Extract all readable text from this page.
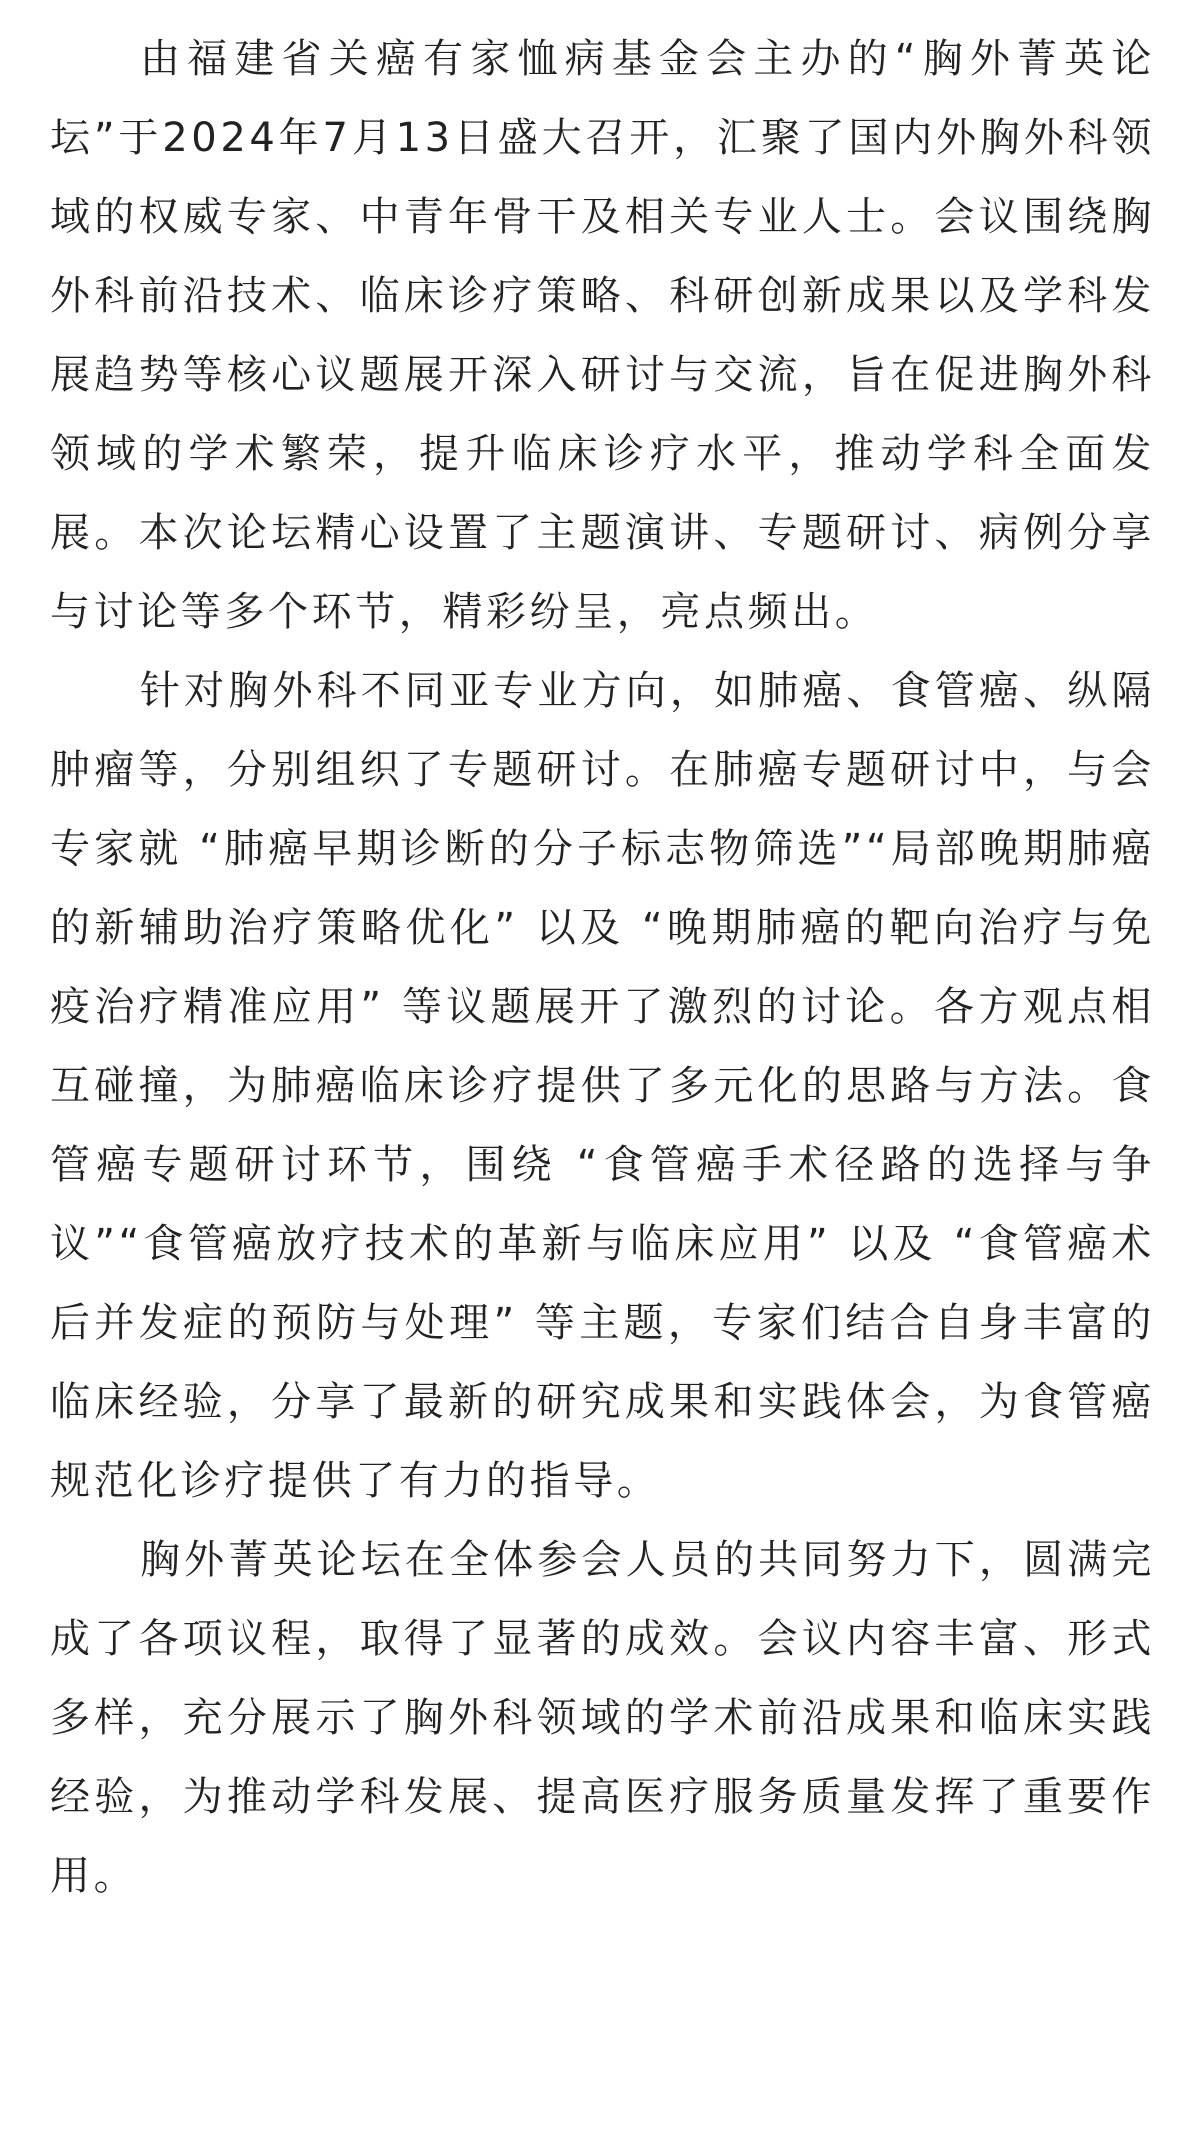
由福建省关癌有家恤病基金会主办的“胸外菁英论坛”于2024年7月13日盛大召开，汇聚了国内外胸外科领域的权威专家、中青年骨干及相关专业人士。会议围绕胸外科前沿技术、临床诊疗策略、科研创新成果以及学科发展趋势等核心议题展开深入研讨与交流，旨在促进胸外科领域的学术繁荣，提升临床诊疗水平，推动学科全面发展。本次论坛精心设置了主题演讲、专题研讨、病例分享与讨论等多个环节，精彩纷呈，亮点频出。

针对胸外科不同亚专业方向，如肺癌、食管癌、纵隔肿瘤等，分别组织了专题研讨。在肺癌专题研讨中，与会专家就 “肺癌早期诊断的分子标志物筛选”“局部晚期肺癌的新辅助治疗策略优化” 以及 “晚期肺癌的靶向治疗与免疫治疗精准应用” 等议题展开了激烈的讨论。各方观点相互碰撞，为肺癌临床诊疗提供了多元化的思路与方法。食管癌专题研讨环节，围绕 “食管癌手术径路的选择与争议”“食管癌放疗技术的革新与临床应用” 以及 “食管癌术后并发症的预防与处理” 等主题，专家们结合自身丰富的临床经验，分享了最新的研究成果和实践体会，为食管癌规范化诊疗提供了有力的指导。

胸外菁英论坛在全体参会人员的共同努力下，圆满完成了各项议程，取得了显著的成效。会议内容丰富、形式多样，充分展示了胸外科领域的学术前沿成果和临床实践经验，为推动学科发展、提高医疗服务质量发挥了重要作用。
